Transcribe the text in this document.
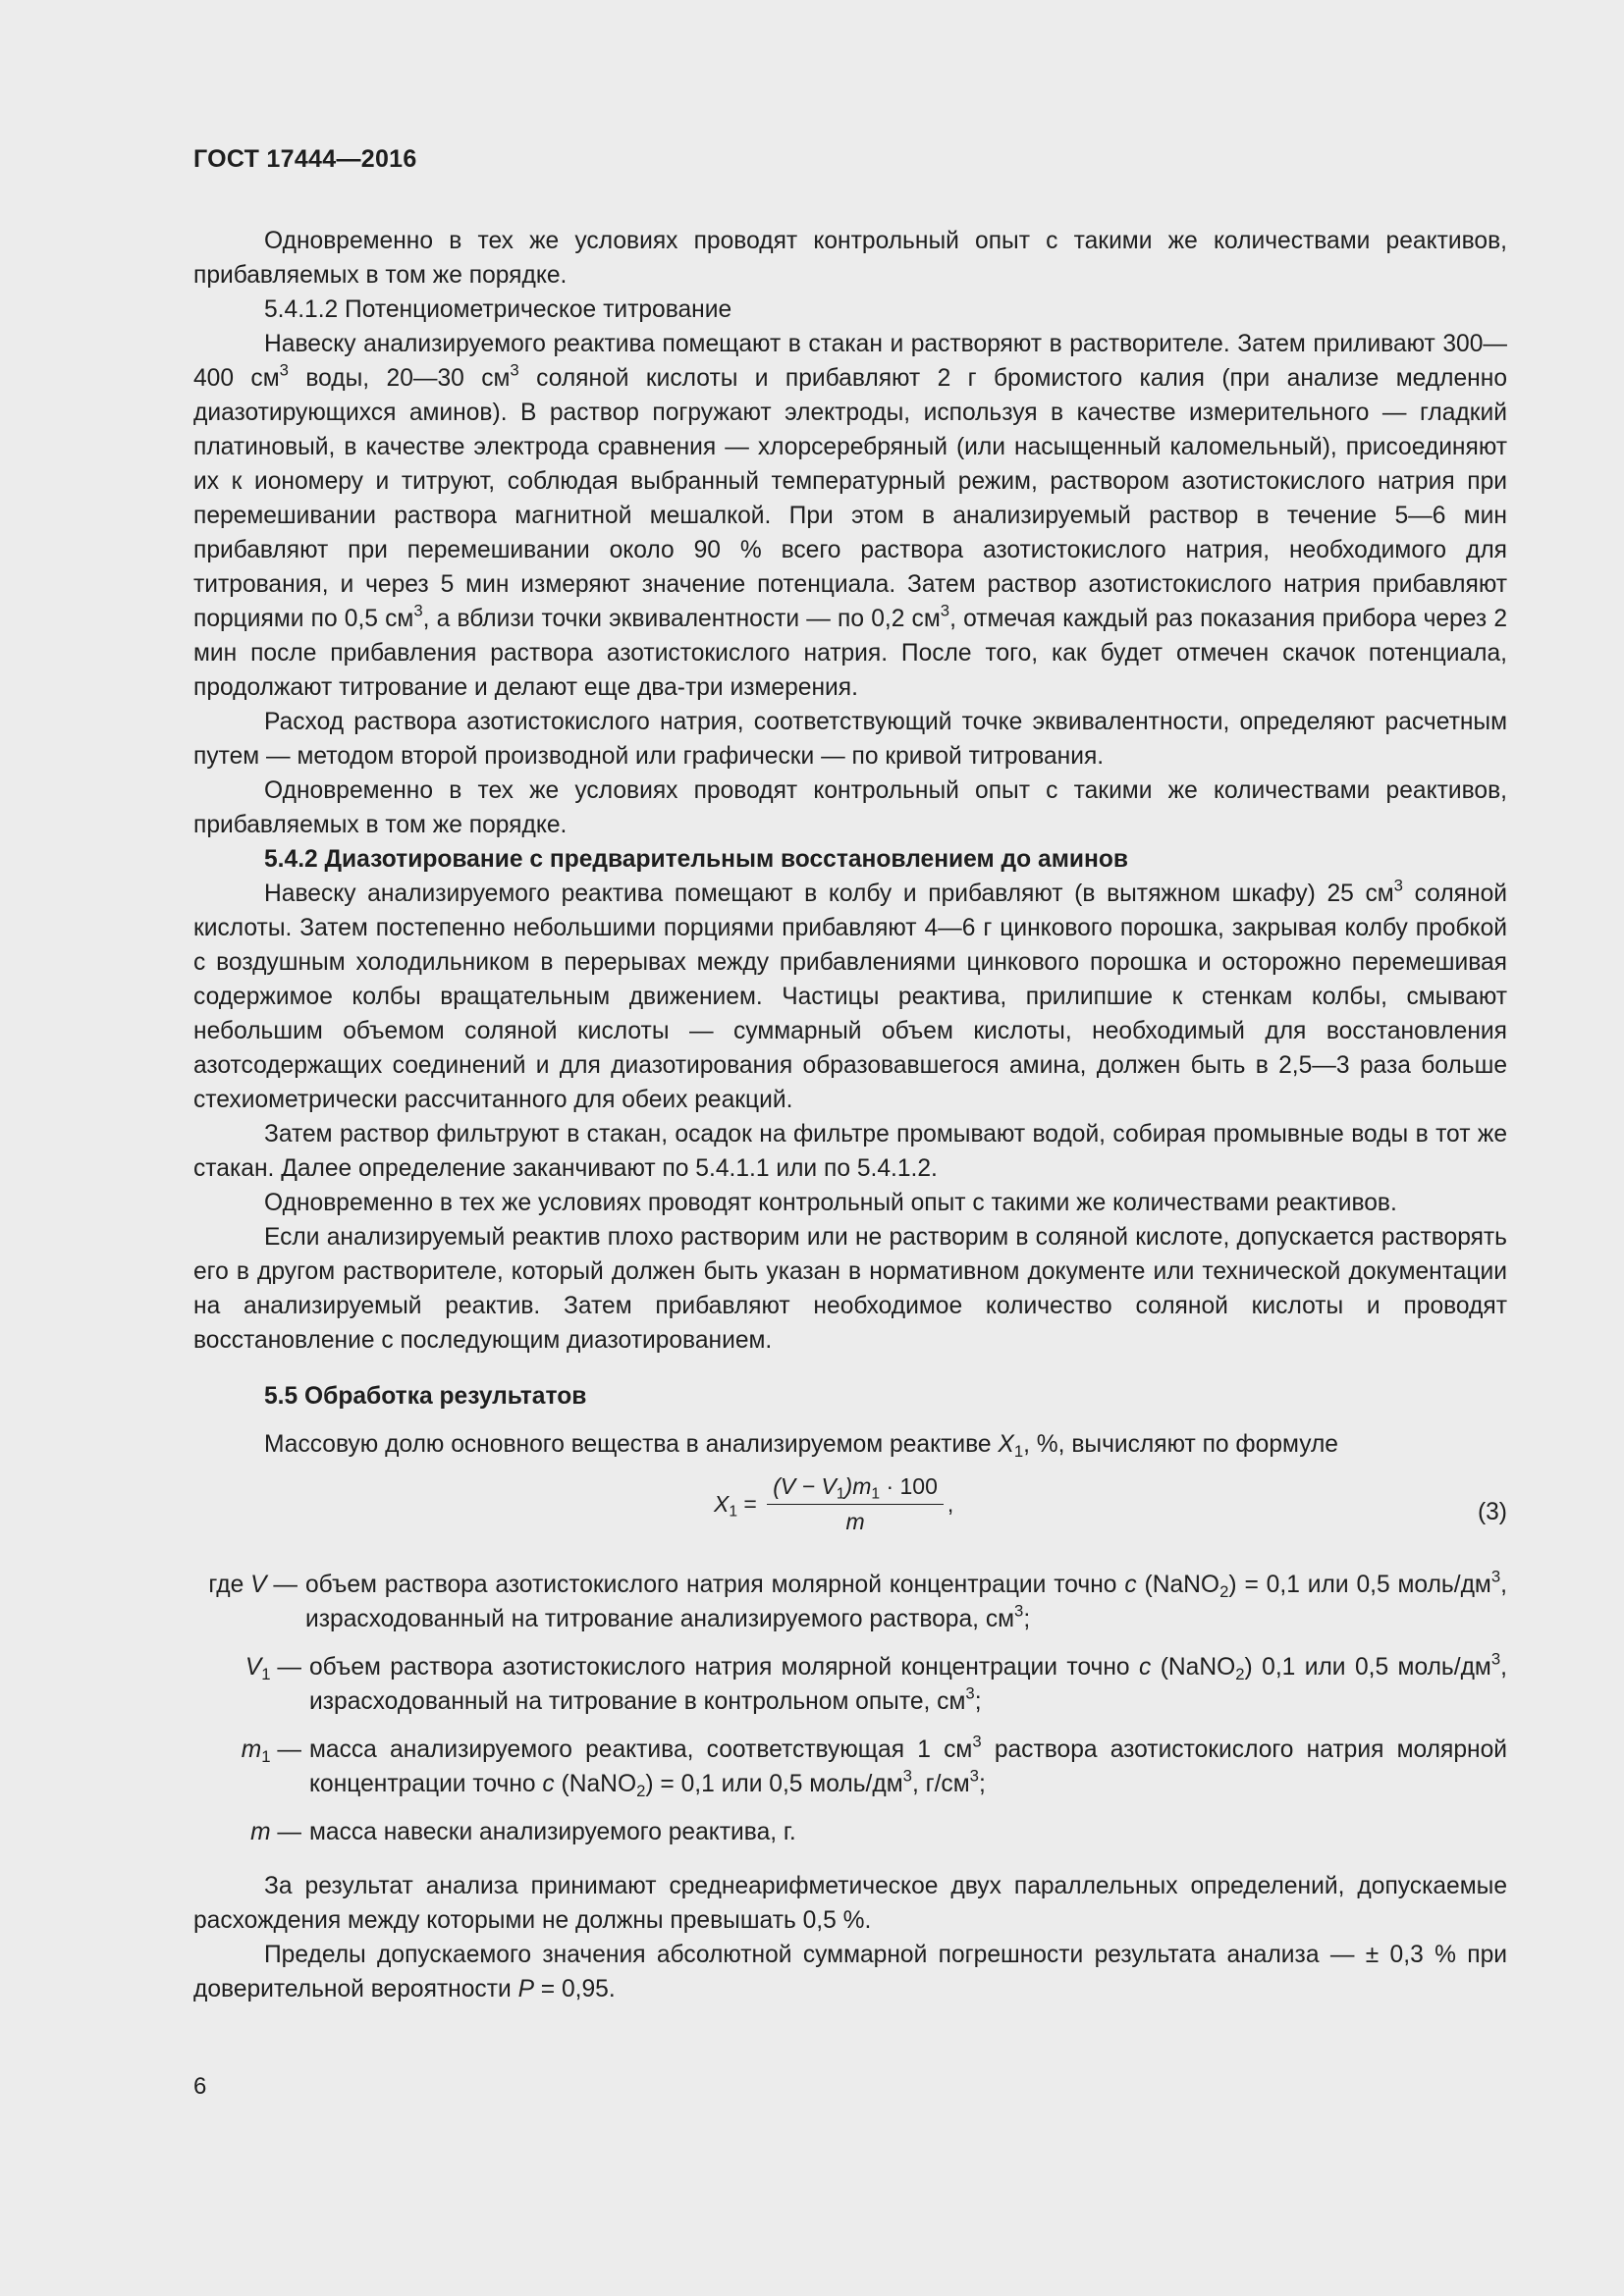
ГОСТ 17444—2016

Одновременно в тех же условиях проводят контрольный опыт с такими же количествами реактивов, прибавляемых в том же порядке.

5.4.1.2 Потенциометрическое титрование

Навеску анализируемого реактива помещают в стакан и растворяют в растворителе. Затем приливают 300—400 $см^3$ воды, 20—30 $см^3$ соляной кислоты и прибавляют 2 г бромистого калия (при анализе медленно диазотирующихся аминов). В раствор погружают электроды, используя в качестве измерительного — гладкий платиновый, в качестве электрода сравнения — хлорсеребряный (или насыщенный каломельный), присоединяют их к иономеру и титруют, соблюдая выбранный температурный режим, раствором азотистокислого натрия при перемешивании раствора магнитной мешалкой. При этом в анализируемый раствор в течение 5—6 мин прибавляют при перемешивании около 90 % всего раствора азотистокислого натрия, необходимого для титрования, и через 5 мин измеряют значение потенциала. Затем раствор азотистокислого натрия прибавляют порциями по 0,5 $см^3$, а вблизи точки эквивалентности — по 0,2 $см^3$, отмечая каждый раз показания прибора через 2 мин после прибавления раствора азотистокислого натрия. После того, как будет отмечен скачок потенциала, продолжают титрование и делают еще два-три измерения.

Расход раствора азотистокислого натрия, соответствующий точке эквивалентности, определяют расчетным путем — методом второй производной или графически — по кривой титрования.

Одновременно в тех же условиях проводят контрольный опыт с такими же количествами реактивов, прибавляемых в том же порядке.

5.4.2 Диазотирование с предварительным восстановлением до аминов

Навеску анализируемого реактива помещают в колбу и прибавляют (в вытяжном шкафу) 25 $см^3$ соляной кислоты. Затем постепенно небольшими порциями прибавляют 4—6 г цинкового порошка, закрывая колбу пробкой с воздушным холодильником в перерывах между прибавлениями цинкового порошка и осторожно перемешивая содержимое колбы вращательным движением. Частицы реактива, прилипшие к стенкам колбы, смывают небольшим объемом соляной кислоты — суммарный объем кислоты, необходимый для восстановления азотсодержащих соединений и для диазотирования образовавшегося амина, должен быть в 2,5—3 раза больше стехиометрически рассчитанного для обеих реакций.

Затем раствор фильтруют в стакан, осадок на фильтре промывают водой, собирая промывные воды в тот же стакан. Далее определение заканчивают по 5.4.1.1 или по 5.4.1.2.

Одновременно в тех же условиях проводят контрольный опыт с такими же количествами реактивов.

Если анализируемый реактив плохо растворим или не растворим в соляной кислоте, допускается растворять его в другом растворителе, который должен быть указан в нормативном документе или технической документации на анализируемый реактив. Затем прибавляют необходимое количество соляной кислоты и проводят восстановление с последующим диазотированием.

5.5 Обработка результатов
Массовую долю основного вещества в анализируемом реактиве $X_1$, %, вычисляют по формуле
$X_1 = \frac{(V - V_1)m_1 \cdot 100}{m}$ ,	(3)
где V — объем раствора азотистокислого натрия молярной концентрации точно c (NaNO$_2$) = 0,1 или 0,5 моль/$дм^3$, израсходованный на титрование анализируемого раствора, $см^3$;
$V_1$ — объем раствора азотистокислого натрия молярной концентрации точно c (NaNO$_2$) 0,1 или 0,5 моль/$дм^3$, израсходованный на титрование в контрольном опыте, $см^3$;
$m_1$ — масса анализируемого реактива, соответствующая 1 $см^3$ раствора азотистокислого натрия молярной концентрации точно c (NaNO$_2$) = 0,1 или 0,5 моль/$дм^3$, $г/см^3$;
m — масса навески анализируемого реактива, г.

За результат анализа принимают среднеарифметическое двух параллельных определений, допускаемые расхождения между которыми не должны превышать 0,5 %.

Пределы допускаемого значения абсолютной суммарной погрешности результата анализа — ± 0,3 % при доверительной вероятности P = 0,95.

6
